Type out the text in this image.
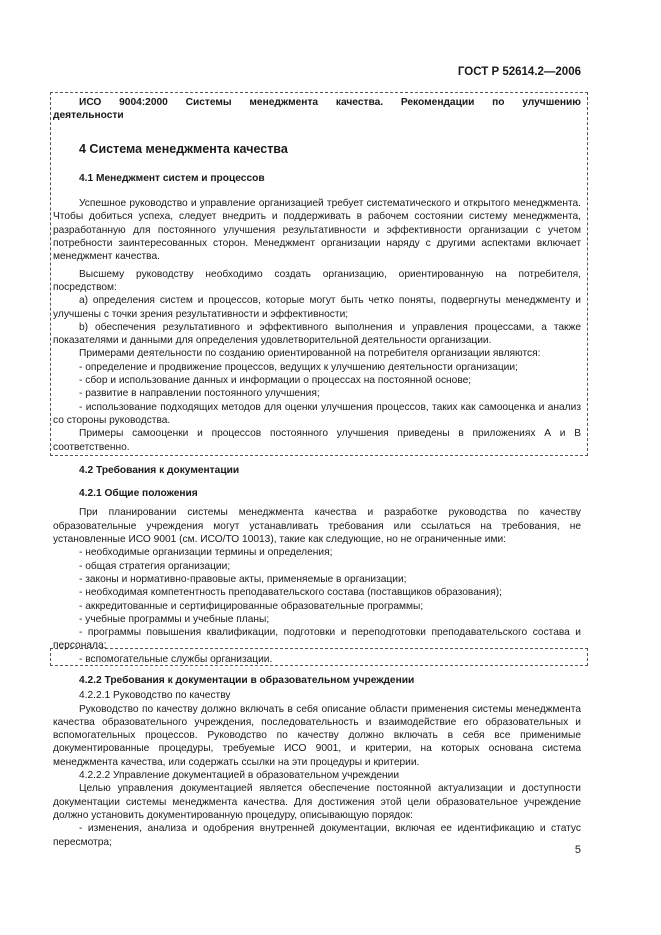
ГОСТ Р 52614.2—2006

ИСО 9004:2000 Системы менеджмента качества. Рекомендации по улучшению деятельности

4 Система менеджмента качества
4.1 Менеджмент систем и процессов

Успешное руководство и управление организацией требует систематического и открытого менеджмента. Чтобы добиться успеха, следует внедрить и поддерживать в рабочем состоянии систему менеджмента, разработанную для постоянного улучшения результативности и эффективности организации с учетом потребности заинтересованных сторон. Менеджмент организации наряду с другими аспектами включает менеджмент качества.

Высшему руководству необходимо создать организацию, ориентированную на потребителя, посредством:

a) определения систем и процессов, которые могут быть четко поняты, подвергнуты менеджменту и улучшены с точки зрения результативности и эффективности;

b) обеспечения результативного и эффективного выполнения и управления процессами, а также показателями и данными для определения удовлетворительной деятельности организации.

Примерами деятельности по созданию ориентированной на потребителя организации являются:

- определение и продвижение процессов, ведущих к улучшению деятельности организации;

- сбор и использование данных и информации о процессах на постоянной основе;

- развитие в направлении постоянного улучшения;

- использование подходящих методов для оценки улучшения процессов, таких как самооценка и анализ со стороны руководства.

Примеры самооценки и процессов постоянного улучшения приведены в приложениях А и В соответственно.

4.2 Требования к документации
4.2.1 Общие положения

При планировании системы менеджмента качества и разработке руководства по качеству образовательные учреждения могут устанавливать требования или ссылаться на требования, не установленные ИСО 9001 (см. ИСО/ТО 10013), такие как следующие, но не ограниченные ими:

- необходимые организации термины и определения;

- общая стратегия организации;

- законы и нормативно-правовые акты, применяемые в организации;

- необходимая компетентность преподавательского состава (поставщиков образования);

- аккредитованные и сертифицированные образовательные программы;

- учебные программы и учебные планы;

- программы повышения квалификации, подготовки и переподготовки преподавательского состава и персонала;

- вспомогательные службы организации.

4.2.2 Требования к документации в образовательном учреждении

4.2.2.1 Руководство по качеству

Руководство по качеству должно включать в себя описание области применения системы менеджмента качества образовательного учреждения, последовательность и взаимодействие его образовательных и вспомогательных процессов. Руководство по качеству должно включать в себя все применимые документированные процедуры, требуемые ИСО 9001, и критерии, на которых основана система менеджмента качества, или содержать ссылки на эти процедуры и критерии.

4.2.2.2 Управление документацией в образовательном учреждении

Целью управления документацией является обеспечение постоянной актуализации и доступности документации системы менеджмента качества. Для достижения этой цели образовательное учреждение должно установить документированную процедуру, описывающую порядок:

- изменения, анализа и одобрения внутренней документации, включая ее идентификацию и статус пересмотра;

5
